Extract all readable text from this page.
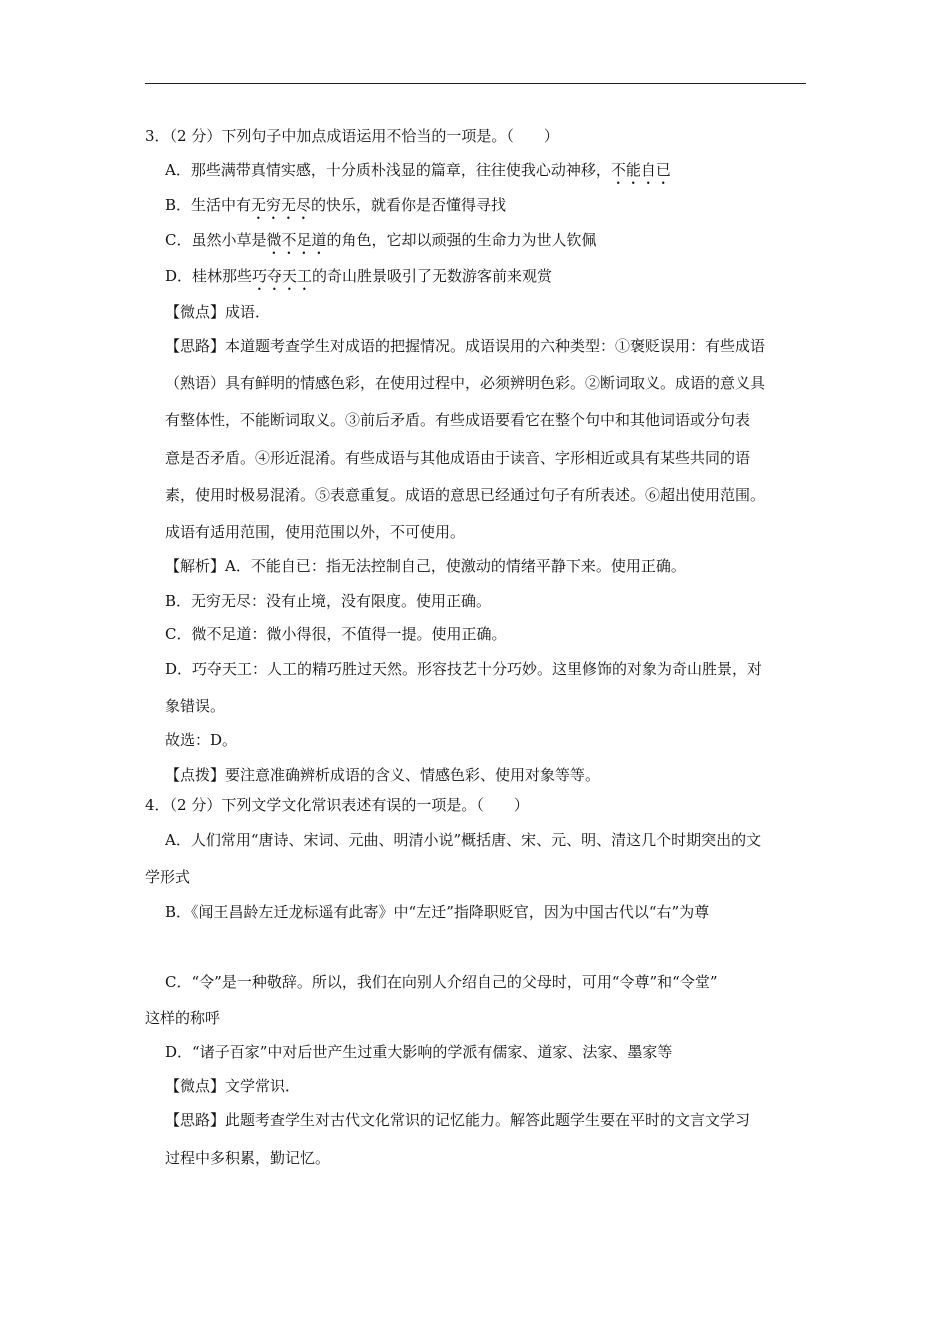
3．（2 分）下列句子中加点成语运用不恰当的一项是。（　　）

A．那些满带真情实感，十分质朴浅显的篇章，往往使我心动神移，不能自已

B．生活中有无穷无尽的快乐，就看你是否懂得寻找

C．虽然小草是微不足道的角色，它却以顽强的生命力为世人钦佩

D．桂林那些巧夺天工的奇山胜景吸引了无数游客前来观赏

【微点】成语．

【思路】本道题考查学生对成语的把握情况。成语误用的六种类型：①褒贬误用：有些成语

（熟语）具有鲜明的情感色彩，在使用过程中，必须辨明色彩。②断词取义。成语的意义具

有整体性，不能断词取义。③前后矛盾。有些成语要看它在整个句中和其他词语或分句表

意是否矛盾。④形近混淆。有些成语与其他成语由于读音、字形相近或具有某些共同的语

素，使用时极易混淆。⑤表意重复。成语的意思已经通过句子有所表述。⑥超出使用范围。

成语有适用范围，使用范围以外，不可使用。

【解析】A．不能自已：指无法控制自己，使激动的情绪平静下来。使用正确。

B．无穷无尽：没有止境，没有限度。使用正确。

C．微不足道：微小得很，不值得一提。使用正确。

D．巧夺天工：人工的精巧胜过天然。形容技艺十分巧妙。这里修饰的对象为奇山胜景，对

象错误。

故选：D。

【点拨】要注意准确辨析成语的含义、情感色彩、使用对象等等。

4．（2 分）下列文学文化常识表述有误的一项是。（　　）

A．人们常用“唐诗、宋词、元曲、明清小说”概括唐、宋、元、明、清这几个时期突出的文

学形式

B．《闻王昌龄左迁龙标遥有此寄》中“左迁”指降职贬官，因为中国古代以“右”为尊

C．“令”是一种敬辞。所以，我们在向别人介绍自己的父母时，可用“令尊”和“令堂”

这样的称呼

D．“诸子百家”中对后世产生过重大影响的学派有儒家、道家、法家、墨家等

【微点】文学常识．

【思路】此题考查学生对古代文化常识的记忆能力。解答此题学生要在平时的文言文学习

过程中多积累，勤记忆。
